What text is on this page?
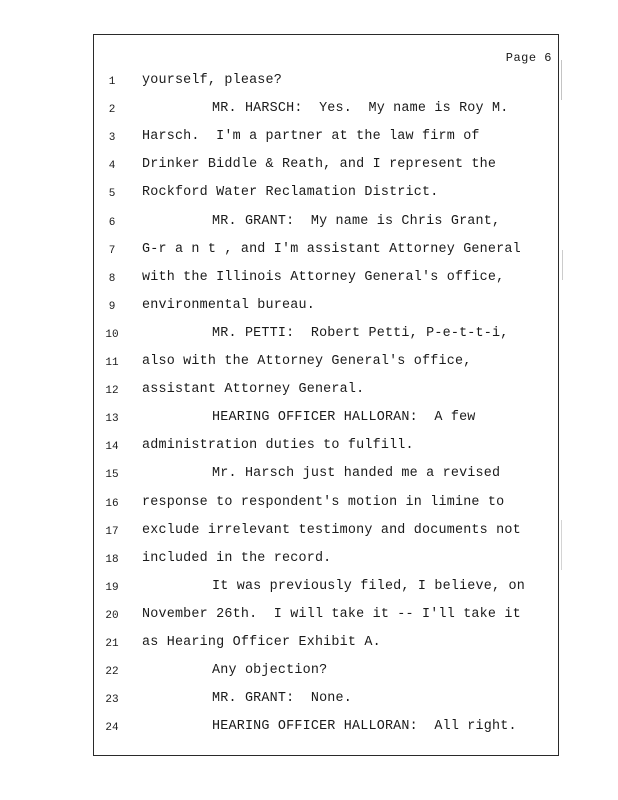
Page 6
1	yourself, please?
2	MR. HARSCH:  Yes.  My name is Roy M.
3	Harsch.  I'm a partner at the law firm of
4	Drinker Biddle & Reath, and I represent the
5	Rockford Water Reclamation District.
6	MR. GRANT:  My name is Chris Grant,
7	G-r a n t , and I'm assistant Attorney General
8	with the Illinois Attorney General's office,
9	environmental bureau.
10	MR. PETTI:  Robert Petti, P-e-t-t-i,
11 also with the Attorney General's office,
12 assistant Attorney General.
13	HEARING OFFICER HALLORAN:  A few
14 administration duties to fulfill.
15	Mr. Harsch just handed me a revised
16 response to respondent's motion in limine to
17 exclude irrelevant testimony and documents not
18 included in the record.
19	It was previously filed, I believe, on
20 November 26th.  I will take it -- I'll take it
21 as Hearing Officer Exhibit A.
22	Any objection?
23	MR. GRANT:  None.
24	HEARING OFFICER HALLORAN:  All right.
